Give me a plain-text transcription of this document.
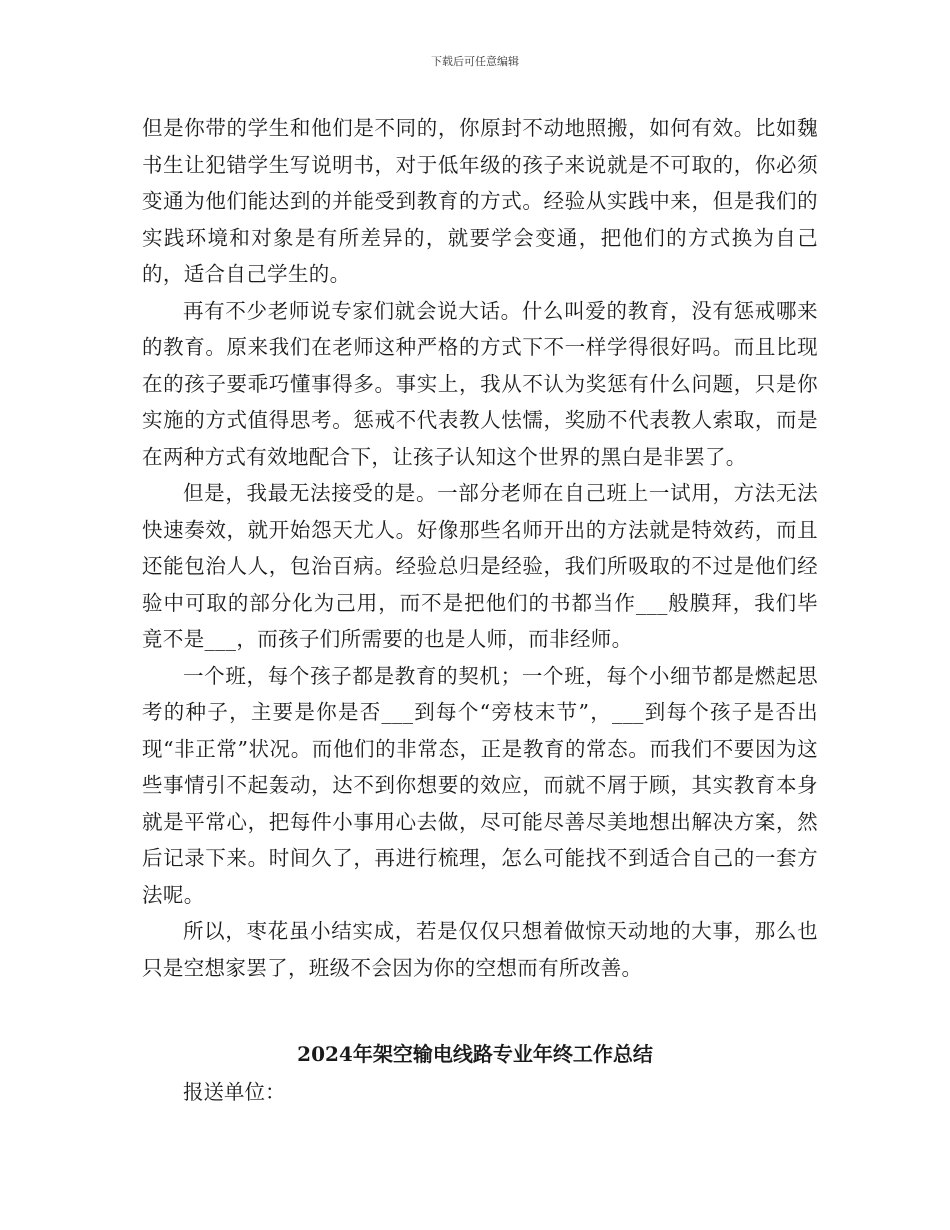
下载后可任意编辑

但是你带的学生和他们是不同的，你原封不动地照搬，如何有效。比如魏书生让犯错学生写说明书，对于低年级的孩子来说就是不可取的，你必须变通为他们能达到的并能受到教育的方式。经验从实践中来，但是我们的实践环境和对象是有所差异的，就要学会变通，把他们的方式换为自己的，适合自己学生的。

再有不少老师说专家们就会说大话。什么叫爱的教育，没有惩戒哪来的教育。原来我们在老师这种严格的方式下不一样学得很好吗。而且比现在的孩子要乖巧懂事得多。事实上，我从不认为奖惩有什么问题，只是你实施的方式值得思考。惩戒不代表教人怯懦，奖励不代表教人索取，而是在两种方式有效地配合下，让孩子认知这个世界的黑白是非罢了。

但是，我最无法接受的是。一部分老师在自己班上一试用，方法无法快速奏效，就开始怨天尤人。好像那些名师开出的方法就是特效药，而且还能包治人人，包治百病。经验总归是经验，我们所吸取的不过是他们经验中可取的部分化为己用，而不是把他们的书都当作___般膜拜，我们毕竟不是___，而孩子们所需要的也是人师，而非经师。

一个班，每个孩子都是教育的契机；一个班，每个小细节都是燃起思考的种子，主要是你是否___到每个“旁枝末节”，___到每个孩子是否出现“非正常”状况。而他们的非常态，正是教育的常态。而我们不要因为这些事情引不起轰动，达不到你想要的效应，而就不屑于顾，其实教育本身就是平常心，把每件小事用心去做，尽可能尽善尽美地想出解决方案，然后记录下来。时间久了，再进行梳理，怎么可能找不到适合自己的一套方法呢。

所以，枣花虽小结实成，若是仅仅只想着做惊天动地的大事，那么也只是空想家罢了，班级不会因为你的空想而有所改善。

2024年架空输电线路专业年终工作总结
报送单位：
